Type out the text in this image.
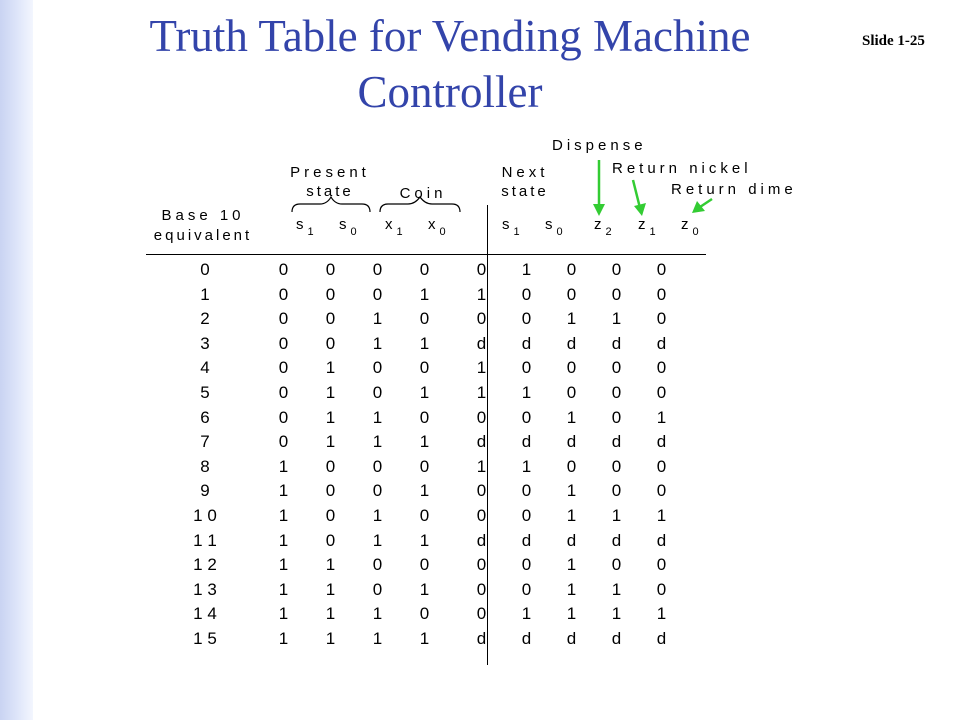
Truth Table for Vending Machine
Controller
Slide 1-25
Dispense
Return nickel
Return dime
Present
state	Coin
Next
state
Base 10
equivalent
s $_1$ s $_0$ x $_1$ x $_0$	s $_1$ s $_0$ z $_2$ z $_1$ z $_0$
0	0	0	0	0		0	1	0	0	0
1	0	0	0	1		1	0	0	0	0
2	0	0	1	0		0	0	1	1	0
3	0	0	1	1		d	d	d	d	d
4	0	1	0	0		1	0	0	0	0
5	0	1	0	1		1	1	0	0	0
6	0	1	1	0		0	0	1	0	1
7	0	1	1	1		d	d	d	d	d
8	1	0	0	0		1	1	0	0	0
9	1	0	0	1		0	0	1	0	0
1 0	1	0	1	0		0	0	1	1	1
1 1	1	0	1	1		d	d	d	d	d
1 2	1	1	0	0		0	0	1	0	0
1 3	1	1	0	1		0	0	1	1	0
1 4	1	1	1	0		0	1	1	1	1
1 5	1	1	1	1		d	d	d	d	d
